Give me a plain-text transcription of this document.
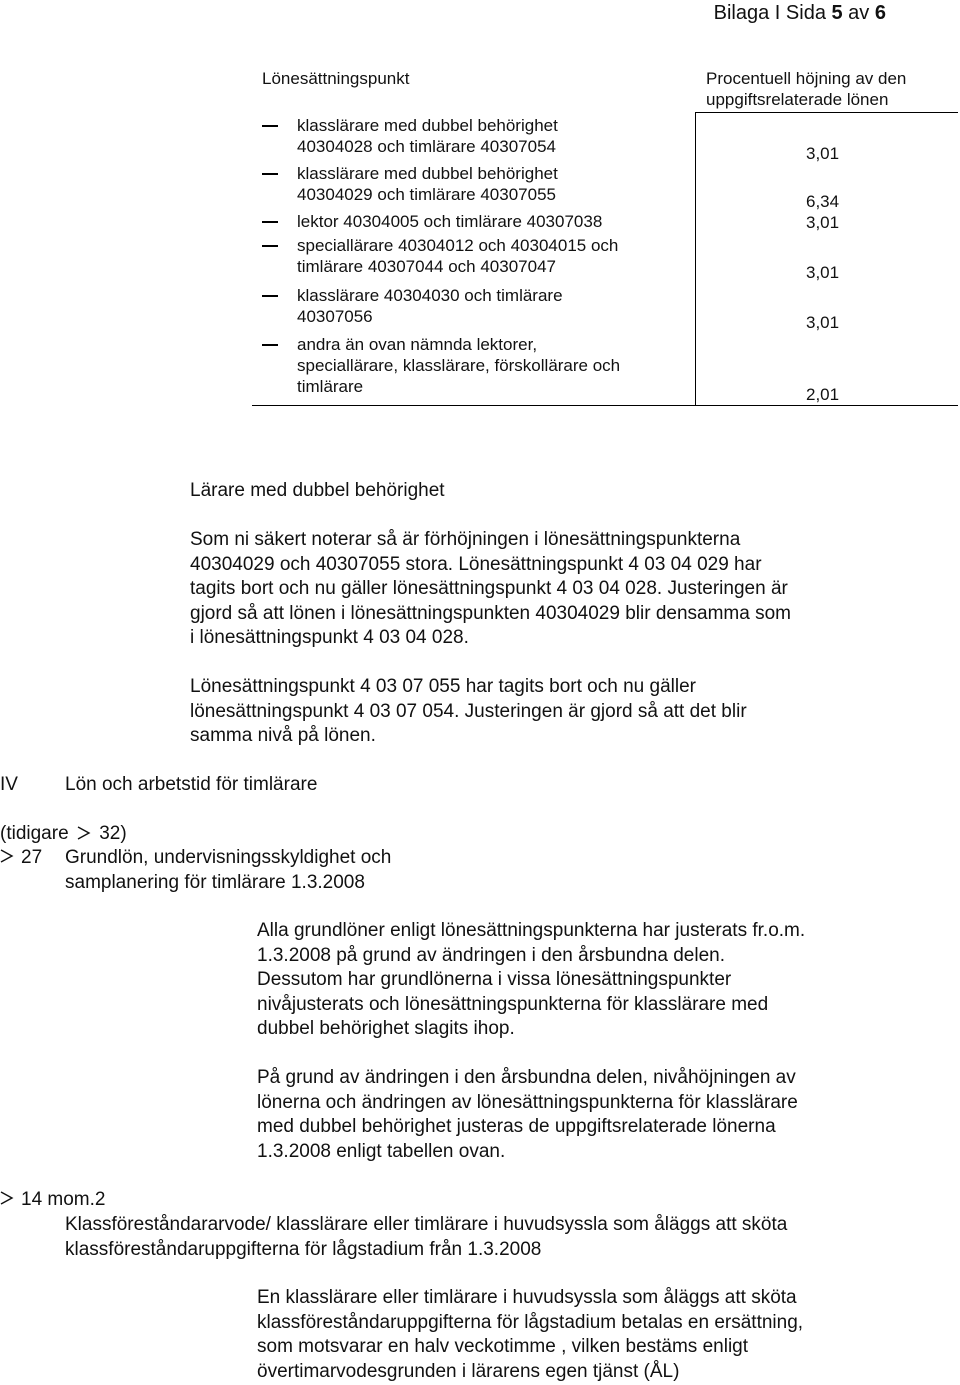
Bilaga I Sida 5 av 6
Lönesättningspunkt	Procentuell höjning av den
uppgiftsrelaterade lönen
klasslärare med dubbel behörighet
40304028 och timlärare 40307054	3,01
klasslärare med dubbel behörighet
40304029 och timlärare 40307055	6,34
lektor 40304005 och timlärare 40307038	3,01
speciallärare 40304012 och 40304015 och
timlärare 40307044 och 40307047	3,01
klasslärare 40304030 och timlärare
40307056	3,01
andra än ovan nämnda lektorer,
speciallärare, klasslärare, förskollärare och
timlärare	2,01
Lärare med dubbel behörighet
Som ni säkert noterar så är förhöjningen i lönesättningspunkterna
40304029 och 40307055 stora. Lönesättningspunkt 4 03 04 029 har
tagits bort och nu gäller lönesättningspunkt 4 03 04 028. Justeringen är
gjord så att lönen i lönesättningspunkten 40304029 blir densamma som
i lönesättningspunkt 4 03 04 028.
Lönesättningspunkt 4 03 07 055 har tagits bort och nu gäller
lönesättningspunkt 4 03 07 054. Justeringen är gjord så att det blir
samma nivå på lönen.
IV Lön och arbetstid för timlärare
(tidigare 32)
27 Grundlön, undervisningsskyldighet och
samplanering för timlärare 1.3.2008
Alla grundlöner enligt lönesättningspunkterna har justerats fr.o.m.
1.3.2008 på grund av ändringen i den årsbundna delen.
Dessutom har grundlönerna i vissa lönesättningspunkter
nivåjusterats och lönesättningspunkterna för klasslärare med
dubbel behörighet slagits ihop.
På grund av ändringen i den årsbundna delen, nivåhöjningen av
lönerna och ändringen av lönesättningspunkterna för klasslärare
med dubbel behörighet justeras de uppgiftsrelaterade lönerna
1.3.2008 enligt tabellen ovan.
14 mom.2
Klassföreståndararvode/ klasslärare eller timlärare i huvudsyssla som åläggs att sköta
klassföreståndaruppgifterna för lågstadium från 1.3.2008
En klasslärare eller timlärare i huvudsyssla som åläggs att sköta
klassföreståndaruppgifterna för lågstadium betalas en ersättning,
som motsvarar en halv veckotimme , vilken bestäms enligt
övertimarvodesgrunden i lärarens egen tjänst (ÅL)
